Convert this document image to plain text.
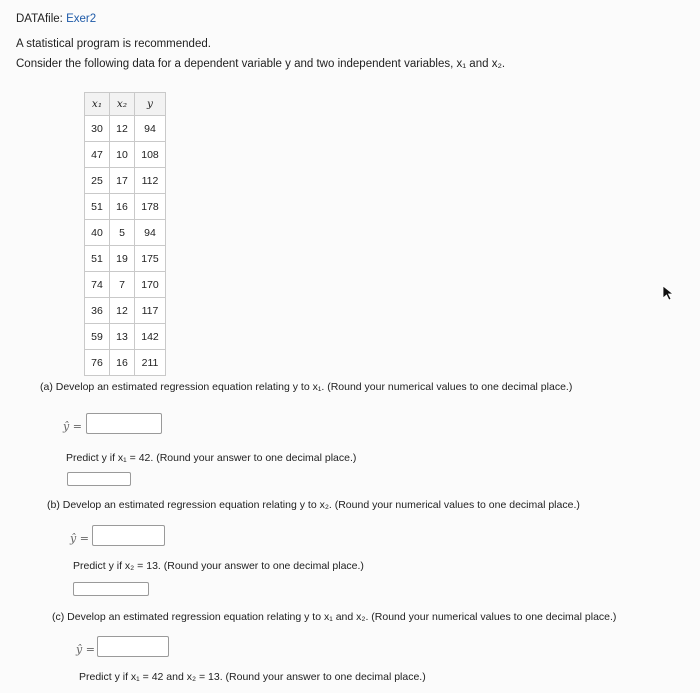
DATAfile: Exer2
A statistical program is recommended.
Consider the following data for a dependent variable y and two independent variables, x₁ and x₂.
x₁	x₂	y
30	12	94
47	10	108
25	17	112
51	16	178
40	5	94
51	19	175
74	7	170
36	12	117
59	13	142
76	16	211
(a) Develop an estimated regression equation relating y to x₁. (Round your numerical values to one decimal place.)
ŷ =
Predict y if x₁ = 42. (Round your answer to one decimal place.)
(b) Develop an estimated regression equation relating y to x₂. (Round your numerical values to one decimal place.)
ŷ =
Predict y if x₂ = 13. (Round your answer to one decimal place.)
(c) Develop an estimated regression equation relating y to x₁ and x₂. (Round your numerical values to one decimal place.)
ŷ =
Predict y if x₁ = 42 and x₂ = 13. (Round your answer to one decimal place.)
